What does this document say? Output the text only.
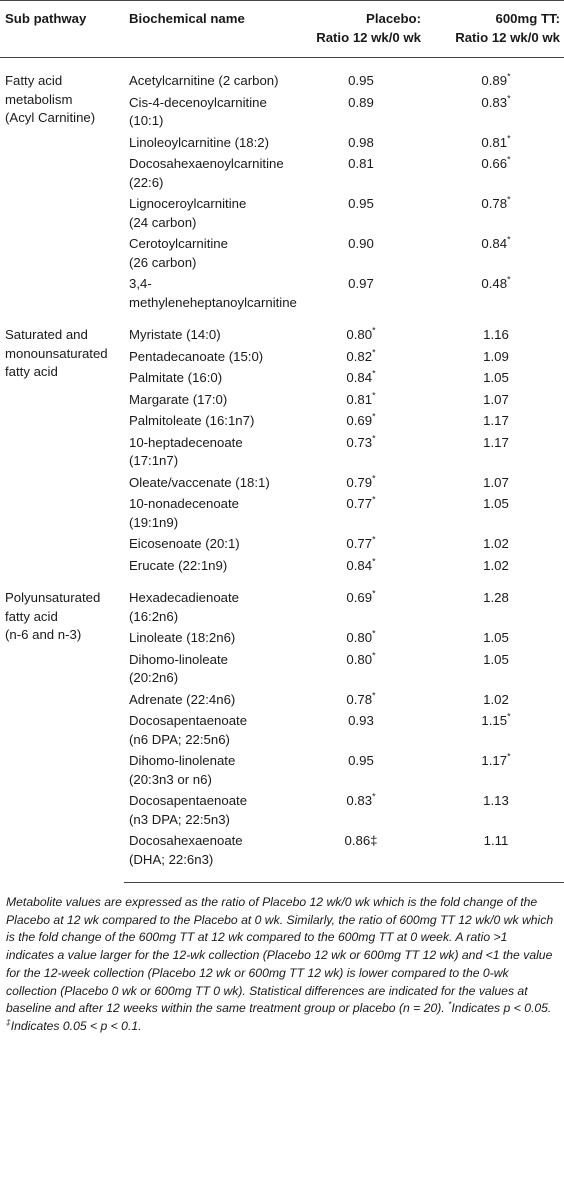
Sub pathway	Biochemical name	Placebo:
Ratio 12 wk/0 wk	600mg TT:
Ratio 12 wk/0 wk
Fatty acid
metabolism
(Acyl Carnitine)	Acetylcarnitine (2 carbon)	0.95	0.89*
	Cis-4-decenoylcarnitine
(10:1)	0.89	0.83*
	Linoleoylcarnitine (18:2)	0.98	0.81*
	Docosahexaenoylcarnitine
(22:6)	0.81	0.66*
	Lignoceroylcarnitine
(24 carbon)	0.95	0.78*
	Cerotoylcarnitine
(26 carbon)	0.90	0.84*
	3,4-
methyleneheptanoylcarnitine	0.97	0.48*
Saturated and
monounsaturated
fatty acid	Myristate (14:0)	0.80*	1.16
	Pentadecanoate (15:0)	0.82*	1.09
	Palmitate (16:0)	0.84*	1.05
	Margarate (17:0)	0.81*	1.07
	Palmitoleate (16:1n7)	0.69*	1.17
	10-heptadecenoate
(17:1n7)	0.73*	1.17
	Oleate/vaccenate (18:1)	0.79*	1.07
	10-nonadecenoate
(19:1n9)	0.77*	1.05
	Eicosenoate (20:1)	0.77*	1.02
	Erucate (22:1n9)	0.84*	1.02
Polyunsaturated
fatty acid
(n-6 and n-3)	Hexadecadienoate
(16:2n6)	0.69*	1.28
	Linoleate (18:2n6)	0.80*	1.05
	Dihomo-linoleate
(20:2n6)	0.80*	1.05
	Adrenate (22:4n6)	0.78*	1.02
	Docosapentaenoate
(n6 DPA; 22:5n6)	0.93	1.15*
	Dihomo-linolenate
(20:3n3 or n6)	0.95	1.17*
	Docosapentaenoate
(n3 DPA; 22:5n3)	0.83*	1.13
	Docosahexaenoate
(DHA; 22:6n3)	0.86‡	1.11
Metabolite values are expressed as the ratio of Placebo 12 wk/0 wk which is the fold change of the Placebo at 12 wk compared to the Placebo at 0 wk. Similarly, the ratio of 600mg TT 12 wk/0 wk which is the fold change of the 600mg TT at 12 wk compared to the 600mg TT at 0 week. A ratio >1 indicates a value larger for the 12-wk collection (Placebo 12 wk or 600mg TT 12 wk) and <1 the value for the 12-week collection (Placebo 12 wk or 600mg TT 12 wk) is lower compared to the 0-wk collection (Placebo 0 wk or 600mg TT 0 wk). Statistical differences are indicated for the values at baseline and after 12 weeks within the same treatment group or placebo (n = 20). *Indicates p < 0.05. ‡Indicates 0.05 < p < 0.1.
